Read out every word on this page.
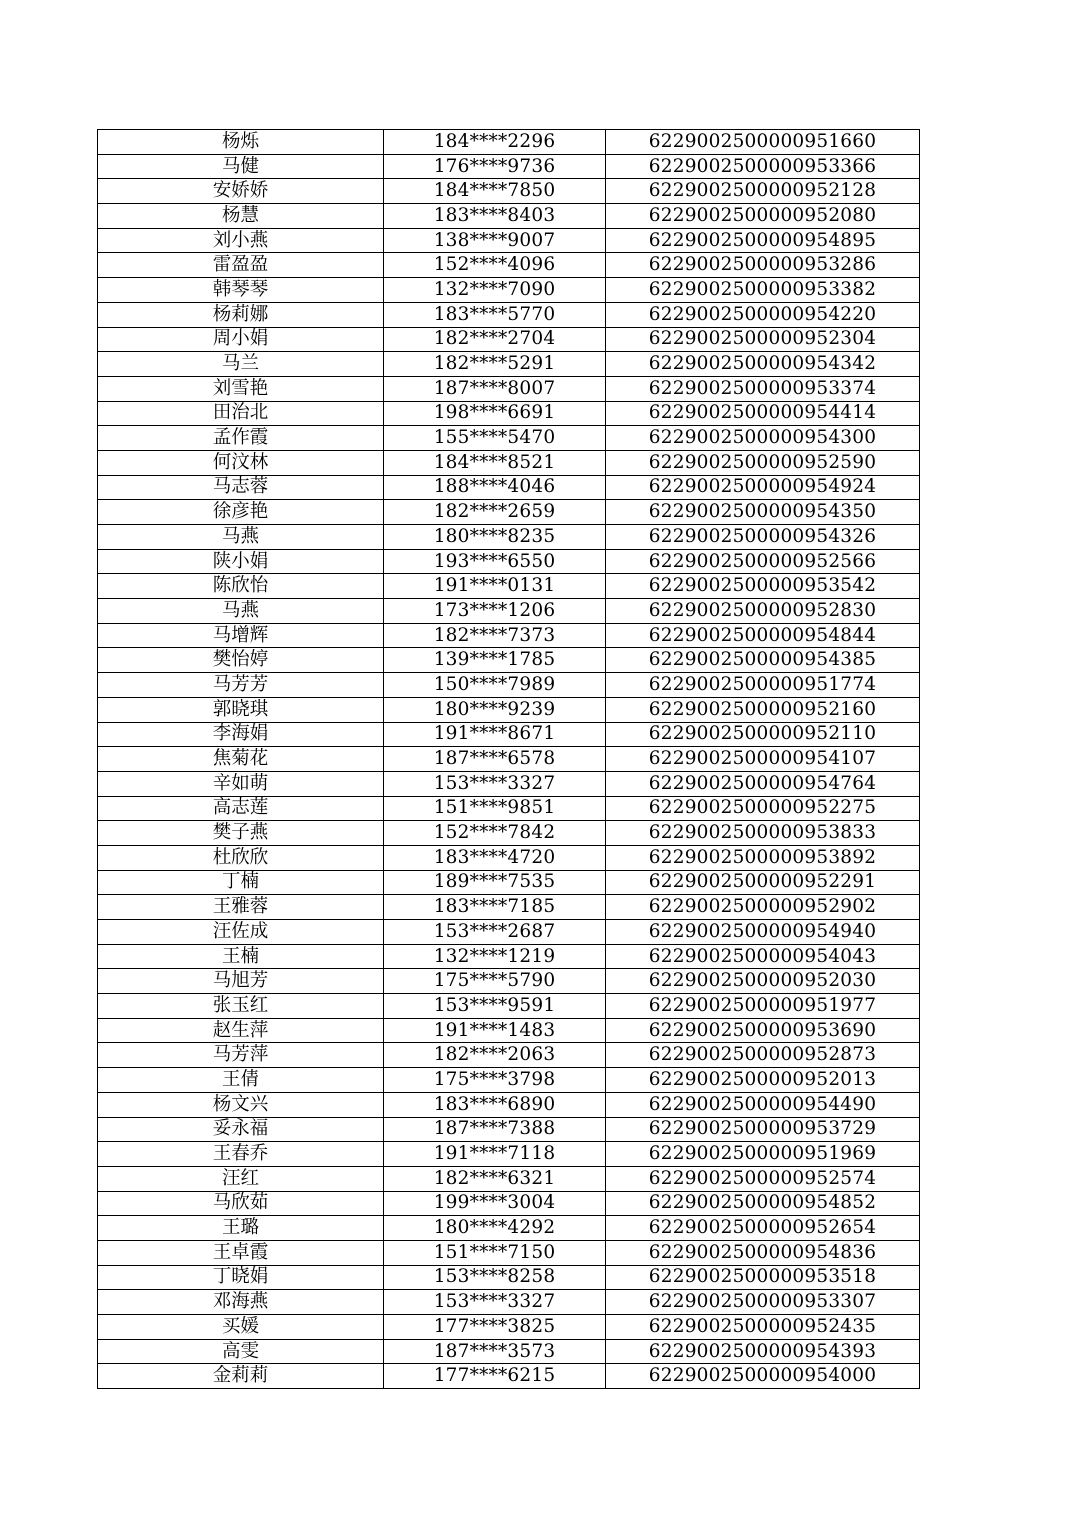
杨烁	184****2296	6229002500000951660
马健	176****9736	6229002500000953366
安娇娇	184****7850	6229002500000952128
杨慧	183****8403	6229002500000952080
刘小燕	138****9007	6229002500000954895
雷盈盈	152****4096	6229002500000953286
韩琴琴	132****7090	6229002500000953382
杨莉娜	183****5770	6229002500000954220
周小娟	182****2704	6229002500000952304
马兰	182****5291	6229002500000954342
刘雪艳	187****8007	6229002500000953374
田治北	198****6691	6229002500000954414
孟作霞	155****5470	6229002500000954300
何汶林	184****8521	6229002500000952590
马志蓉	188****4046	6229002500000954924
徐彦艳	182****2659	6229002500000954350
马燕	180****8235	6229002500000954326
陕小娟	193****6550	6229002500000952566
陈欣怡	191****0131	6229002500000953542
马燕	173****1206	6229002500000952830
马增辉	182****7373	6229002500000954844
樊怡婷	139****1785	6229002500000954385
马芳芳	150****7989	6229002500000951774
郭晓琪	180****9239	6229002500000952160
李海娟	191****8671	6229002500000952110
焦菊花	187****6578	6229002500000954107
辛如萌	153****3327	6229002500000954764
高志莲	151****9851	6229002500000952275
樊子燕	152****7842	6229002500000953833
杜欣欣	183****4720	6229002500000953892
丁楠	189****7535	6229002500000952291
王雅蓉	183****7185	6229002500000952902
汪佐成	153****2687	6229002500000954940
王楠	132****1219	6229002500000954043
马旭芳	175****5790	6229002500000952030
张玉红	153****9591	6229002500000951977
赵生萍	191****1483	6229002500000953690
马芳萍	182****2063	6229002500000952873
王倩	175****3798	6229002500000952013
杨文兴	183****6890	6229002500000954490
妥永福	187****7388	6229002500000953729
王春乔	191****7118	6229002500000951969
汪红	182****6321	6229002500000952574
马欣茹	199****3004	6229002500000954852
王璐	180****4292	6229002500000952654
王卓霞	151****7150	6229002500000954836
丁晓娟	153****8258	6229002500000953518
邓海燕	153****3327	6229002500000953307
买媛	177****3825	6229002500000952435
高雯	187****3573	6229002500000954393
金莉莉	177****6215	6229002500000954000
